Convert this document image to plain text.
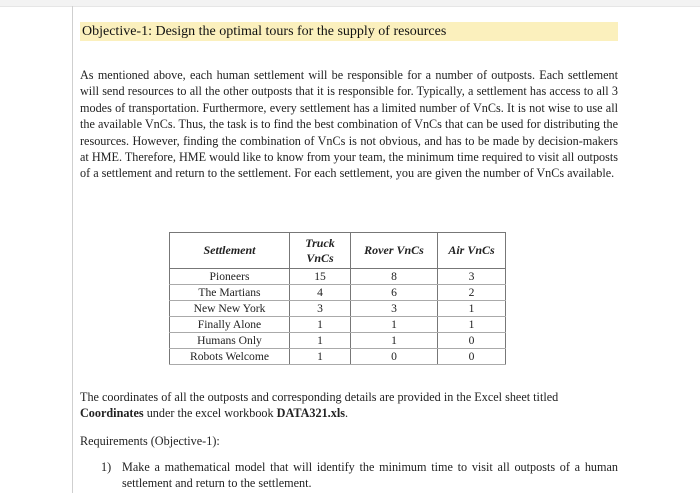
Objective-1: Design the optimal tours for the supply of resources
As mentioned above, each human settlement will be responsible for a number of outposts. Each settlement will send resources to all the other outposts that it is responsible for. Typically, a settlement has access to all 3 modes of transportation. Furthermore, every settlement has a limited number of VnCs. It is not wise to use all the available VnCs. Thus, the task is to find the best combination of VnCs that can be used for distributing the resources. However, finding the combination of VnCs is not obvious, and has to be made by decision-makers at HME. Therefore, HME would like to know from your team, the minimum time required to visit all outposts of a settlement and return to the settlement. For each settlement, you are given the number of VnCs available.
Settlement	Truck VnCs	Rover VnCs	Air VnCs
Pioneers	15	8	3
The Martians	4	6	2
New New York	3	3	1
Finally Alone	1	1	1
Humans Only	1	1	0
Robots Welcome	1	0	0
The coordinates of all the outposts and corresponding details are provided in the Excel sheet titled Coordinates under the excel workbook DATA321.xls.
Requirements (Objective-1):
1) Make a mathematical model that will identify the minimum time to visit all outposts of a human settlement and return to the settlement.
